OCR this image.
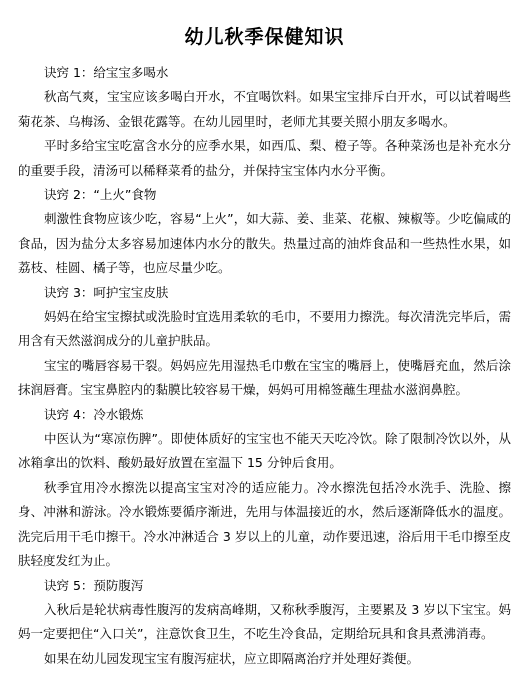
幼儿秋季保健知识

诀窍 1：给宝宝多喝水

秋高气爽，宝宝应该多喝白开水，不宜喝饮料。如果宝宝排斥白开水，可以试着喝些菊花茶、乌梅汤、金银花露等。在幼儿园里时，老师尤其要关照小朋友多喝水。

平时多给宝宝吃富含水分的应季水果，如西瓜、梨、橙子等。各种菜汤也是补充水分的重要手段，清汤可以稀释菜肴的盐分，并保持宝宝体内水分平衡。

诀窍 2：“上火”食物

刺激性食物应该少吃，容易“上火”，如大蒜、姜、韭菜、花椒、辣椒等。少吃偏咸的食品，因为盐分太多容易加速体内水分的散失。热量过高的油炸食品和一些热性水果，如荔枝、桂圆、橘子等，也应尽量少吃。

诀窍 3：呵护宝宝皮肤

妈妈在给宝宝擦拭或洗脸时宜选用柔软的毛巾，不要用力擦洗。每次清洗完毕后，需用含有天然滋润成分的儿童护肤品。

宝宝的嘴唇容易干裂。妈妈应先用湿热毛巾敷在宝宝的嘴唇上，使嘴唇充血，然后涂抹润唇膏。宝宝鼻腔内的黏膜比较容易干燥，妈妈可用棉签蘸生理盐水滋润鼻腔。

诀窍 4：冷水锻炼

中医认为“寒凉伤脾”。即使体质好的宝宝也不能天天吃冷饮。除了限制冷饮以外，从冰箱拿出的饮料、酸奶最好放置在室温下 15 分钟后食用。

秋季宜用冷水擦洗以提高宝宝对冷的适应能力。冷水擦洗包括冷水洗手、洗脸、擦身、冲淋和游泳。冷水锻炼要循序渐进，先用与体温接近的水，然后逐渐降低水的温度。洗完后用干毛巾擦干。冷水冲淋适合 3 岁以上的儿童，动作要迅速，浴后用干毛巾擦至皮肤轻度发红为止。

诀窍 5：预防腹泻

入秋后是轮状病毒性腹泻的发病高峰期，又称秋季腹泻，主要累及 3 岁以下宝宝。妈妈一定要把住“入口关”，注意饮食卫生，不吃生冷食品，定期给玩具和食具煮沸消毒。

如果在幼儿园发现宝宝有腹泻症状，应立即隔离治疗并处理好粪便。
